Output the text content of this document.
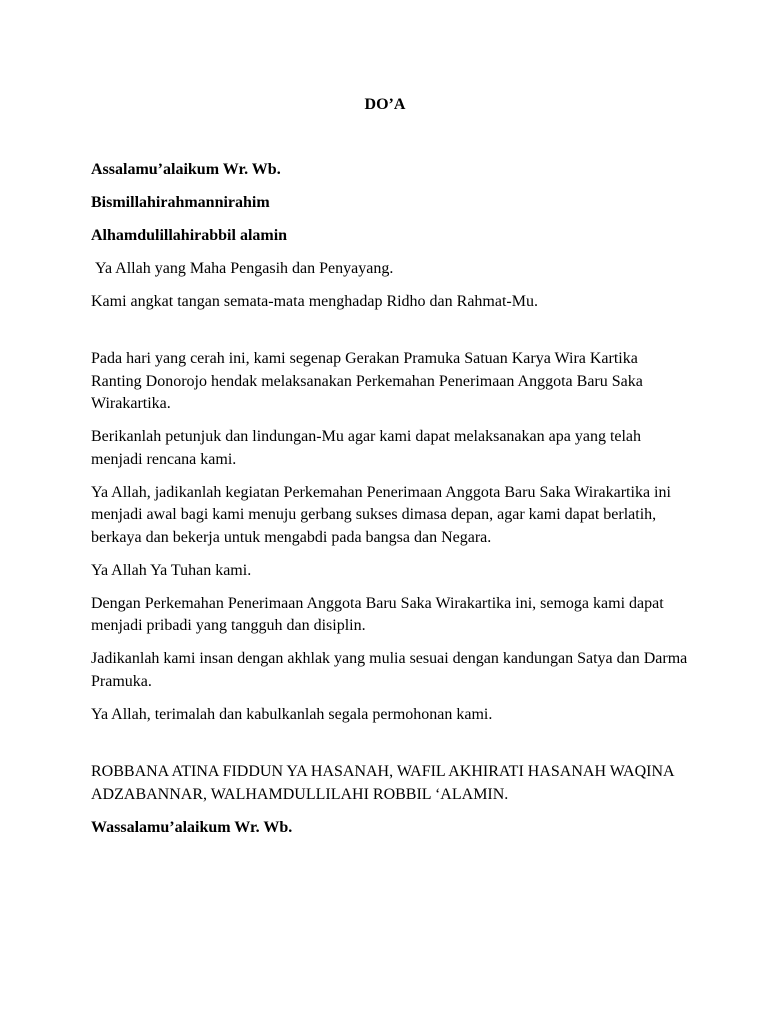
DO’A

Assalamu’alaikum Wr. Wb.

Bismillahirahmannirahim

Alhamdulillahirabbil alamin

Ya Allah yang Maha Pengasih dan Penyayang.

Kami angkat tangan semata-mata menghadap Ridho dan Rahmat-Mu.

Pada hari yang cerah ini, kami segenap Gerakan Pramuka Satuan Karya Wira Kartika Ranting Donorojo hendak melaksanakan Perkemahan Penerimaan Anggota Baru Saka Wirakartika.

Berikanlah petunjuk dan lindungan-Mu agar kami dapat melaksanakan apa yang telah menjadi rencana kami.

Ya Allah, jadikanlah kegiatan Perkemahan Penerimaan Anggota Baru Saka Wirakartika ini menjadi awal bagi kami menuju gerbang sukses dimasa depan, agar kami dapat berlatih, berkaya dan bekerja untuk mengabdi pada bangsa dan Negara.

Ya Allah Ya Tuhan kami.

Dengan Perkemahan Penerimaan Anggota Baru Saka Wirakartika ini, semoga kami dapat menjadi pribadi yang tangguh dan disiplin.

Jadikanlah kami insan dengan akhlak yang mulia sesuai dengan kandungan Satya dan Darma Pramuka.

Ya Allah, terimalah dan kabulkanlah segala permohonan kami.

ROBBANA ATINA FIDDUN YA HASANAH, WAFIL AKHIRATI HASANAH WAQINA ADZABANNAR, WALHAMDULLILAHI ROBBIL ‘ALAMIN.

Wassalamu’alaikum Wr. Wb.
